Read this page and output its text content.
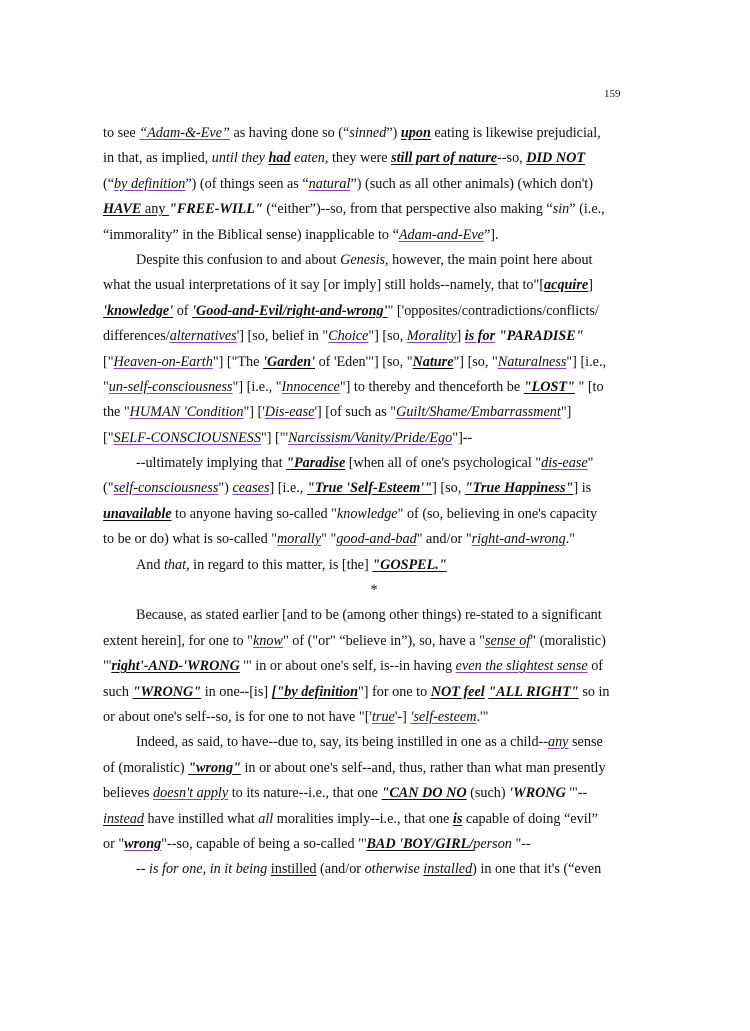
159
to see “Adam-&-Eve” as having done so (“sinned”) upon eating is likewise prejudicial,
in that, as implied, until they had eaten, they were still part of nature--so, DID NOT
(“by definition”) (of things seen as “natural”) (such as all other animals) (which don't)
HAVE any "FREE-WILL" (“either”)--so, from that perspective also making “sin” (i.e.,
“immorality” in the Biblical sense) inapplicable to “Adam-and-Eve”].
Despite this confusion to and about Genesis, however, the main point here about
what the usual interpretations of it say [or imply] still holds--namely, that to"[acquire]
'knowledge' of 'Good-and-Evil/right-and-wrong'" ['opposites/contradictions/conflicts/
differences/alternatives'] [so, belief in "Choice"] [so, Morality] is for "PARADISE"
["Heaven-on-Earth"] ["The 'Garden' of 'Eden'"] [so, "Nature"] [so, "Naturalness"] [i.e.,
"un-self-consciousness"] [i.e., "Innocence"] to thereby and thenceforth be "LOST" " [to
the "HUMAN 'Condition"] ['Dis-ease'] [of such as "Guilt/Shame/Embarrassment"]
["SELF-CONSCIOUSNESS"] ["'Narcissism/Vanity/Pride/Ego"]--
--ultimately implying that "Paradise [when all of one's psychological "dis-ease"
("self-consciousness") ceases] [i.e., "True 'Self-Esteem'"] [so, "True Happiness"] is
unavailable to anyone having so-called "knowledge" of (so, believing in one's capacity
to be or do) what is so-called "morally" "good-and-bad" and/or "right-and-wrong."
And that, in regard to this matter, is [the] "GOSPEL."
*
Because, as stated earlier [and to be (among other things) re-stated to a significant
extent herein], for one to "know" of ("or" “believe in”), so, have a "sense of" (moralistic)
"'right'-AND-'WRONG '" in or about one's self, is--in having even the slightest sense of
such "WRONG" in one--[is] ["by definition"] for one to NOT feel "ALL RIGHT" so in
or about one's self--so, is for one to not have "['true'-] 'self-esteem.'"
Indeed, as said, to have--due to, say, its being instilled in one as a child--any sense
of (moralistic) "wrong" in or about one's self--and, thus, rather than what man presently
believes doesn't apply to its nature--i.e., that one "CAN DO NO (such) 'WRONG '"--
instead have instilled what all moralities imply--i.e., that one is capable of doing “evil”
or "wrong"--so, capable of being a so-called "'BAD 'BOY/GIRL/person "--
-- is for one, in it being instilled (and/or otherwise installed) in one that it's (“even
